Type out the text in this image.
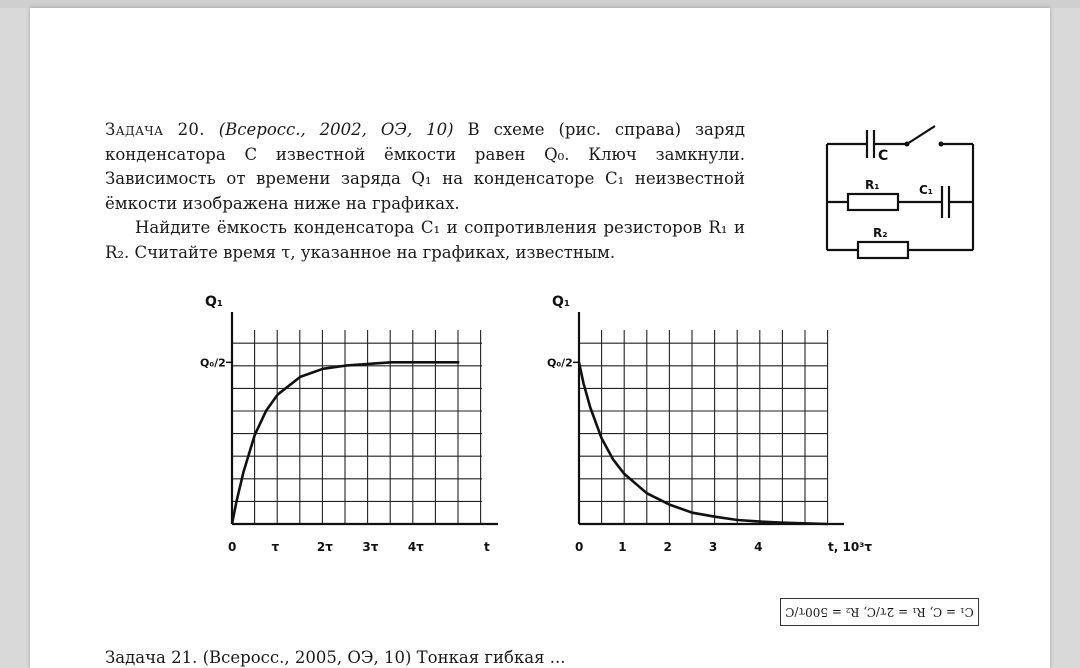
Задача 20. (Всеросс., 2002, ОЭ, 10) В схеме (рис. справа) заряд конденсатора C известной ёмкости равен Q₀. Ключ замкнули. Зависимость от времени заряда Q₁ на конденсаторе C₁ неизвестной ёмкости изображена ниже на графиках.

Найдите ёмкость конденсатора C₁ и сопротивления резисторов R₁ и R₂. Считайте время τ, указанное на графиках, известным.

C
R₁	C₁
R₂
Q₁
Q₀/2
0	τ	2τ 3τ 4τ	t
Q₁
Q₀/2
0	1	2	3	4	t, 10³τ
C₁ = C, R₁ = 2τ/C, R₂ = 500τ/C
Задача 21. (Всеросс., 2005, ОЭ, 10) Тонкая гибкая ...
